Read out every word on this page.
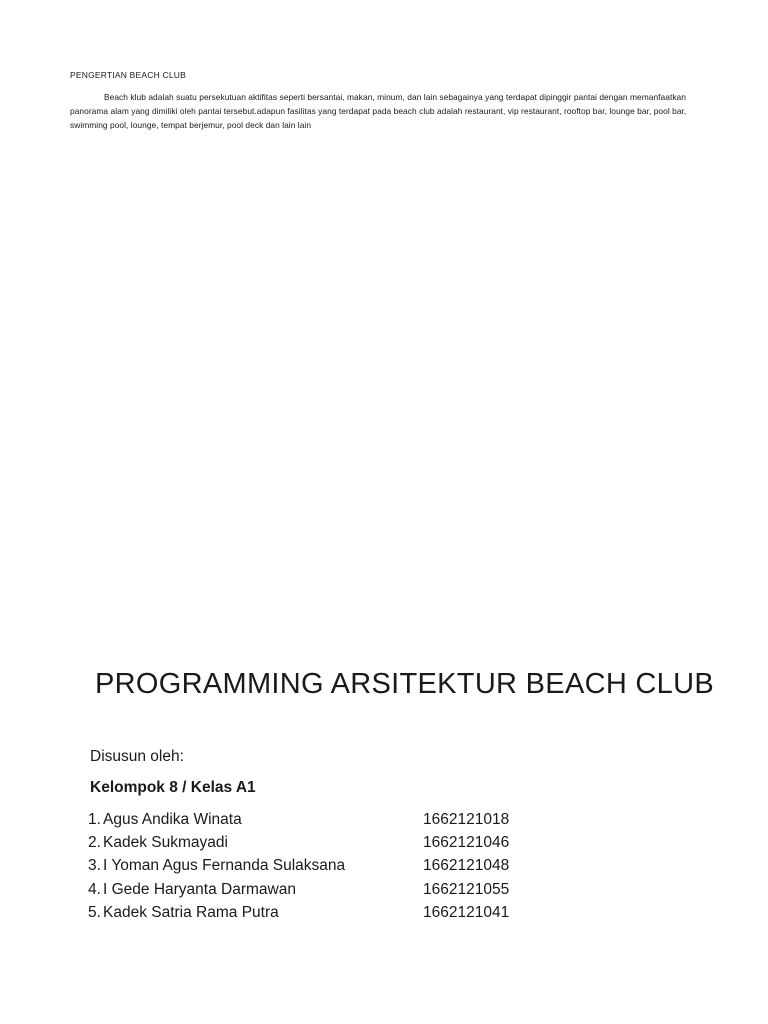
PENGERTIAN BEACH CLUB

Beach klub adalah suatu persekutuan aktifitas seperti bersantai, makan, minum, dan lain sebagainya yang terdapat dipinggir pantai dengan memanfaatkan panorama alam yang dimiliki oleh pantai tersebut.adapun fasilitas yang terdapat pada beach club adalah restaurant, vip restaurant, rooftop bar, lounge bar, pool bar, swimming pool, lounge, tempat berjemur, pool deck dan lain lain

PROGRAMMING ARSITEKTUR BEACH CLUB
Disusun oleh:
Kelompok 8 / Kelas A1
1. Agus Andika Winata	1662121018
2. Kadek Sukmayadi	1662121046
3. I Yoman Agus Fernanda Sulaksana	1662121048
4. I Gede Haryanta Darmawan	1662121055
5. Kadek Satria Rama Putra	1662121041
